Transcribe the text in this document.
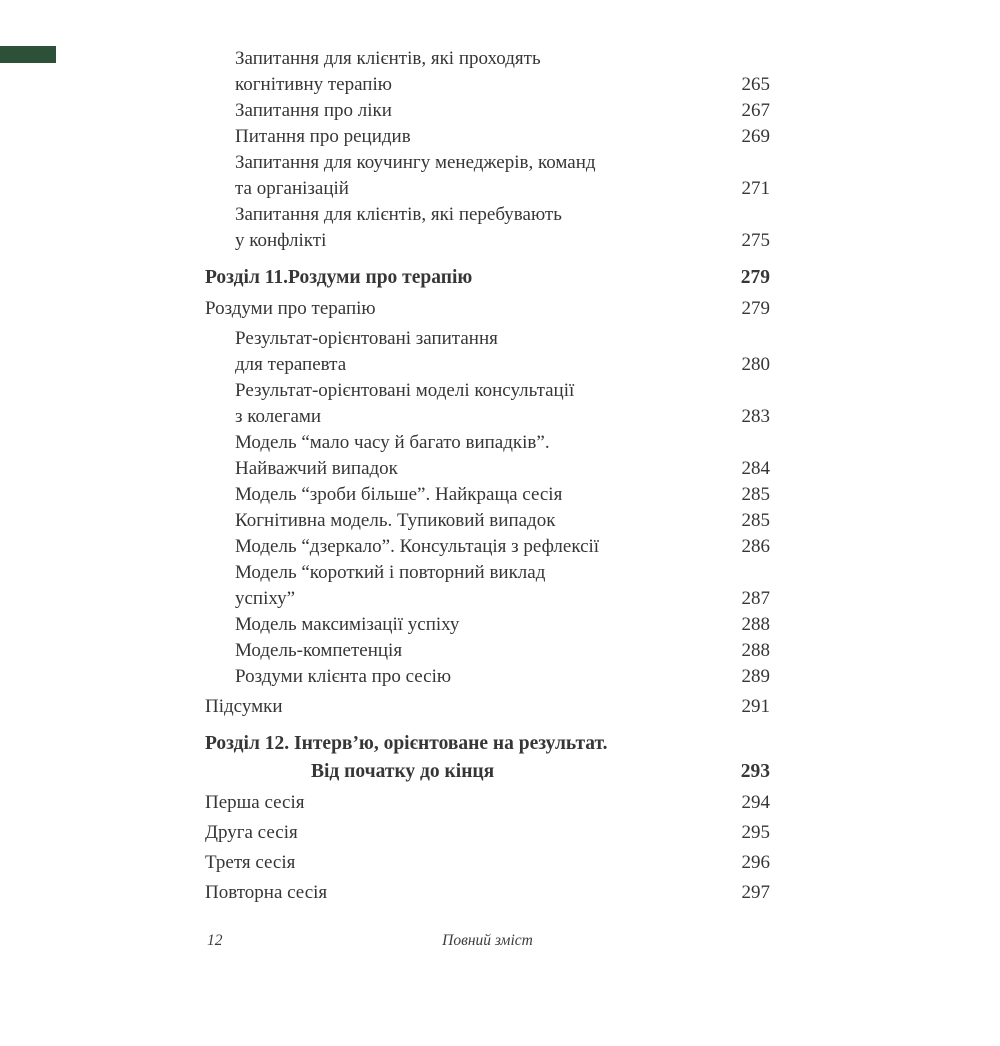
Запитання для клієнтів, які проходять
когнітивну терапію	265
Запитання про ліки	267
Питання про рецидив	269
Запитання для коучингу менеджерів, команд
та організацій	271
Запитання для клієнтів, які перебувають
у конфлікті	275
Розділ 11.Роздуми про терапію	279
Роздуми про терапію	279
Результат-орієнтовані запитання
для терапевта	280
Результат-орієнтовані моделі консультації
з колегами	283
Модель “мало часу й багато випадків”.
Найважчий випадок	284
Модель “зроби більше”. Найкраща сесія	285
Когнітивна модель. Тупиковий випадок	285
Модель “дзеркало”. Консультація з рефлексії	286
Модель “короткий і повторний виклад
успіху”	287
Модель максимізації успіху	288
Модель-компетенція	288
Роздуми клієнта про сесію	289
Підсумки	291
Розділ 12. Інтерв’ю, орієнтоване на результат.
Від початку до кінця	293
Перша сесія	294
Друга сесія	295
Третя сесія	296
Повторна сесія	297
12	Повний зміст
